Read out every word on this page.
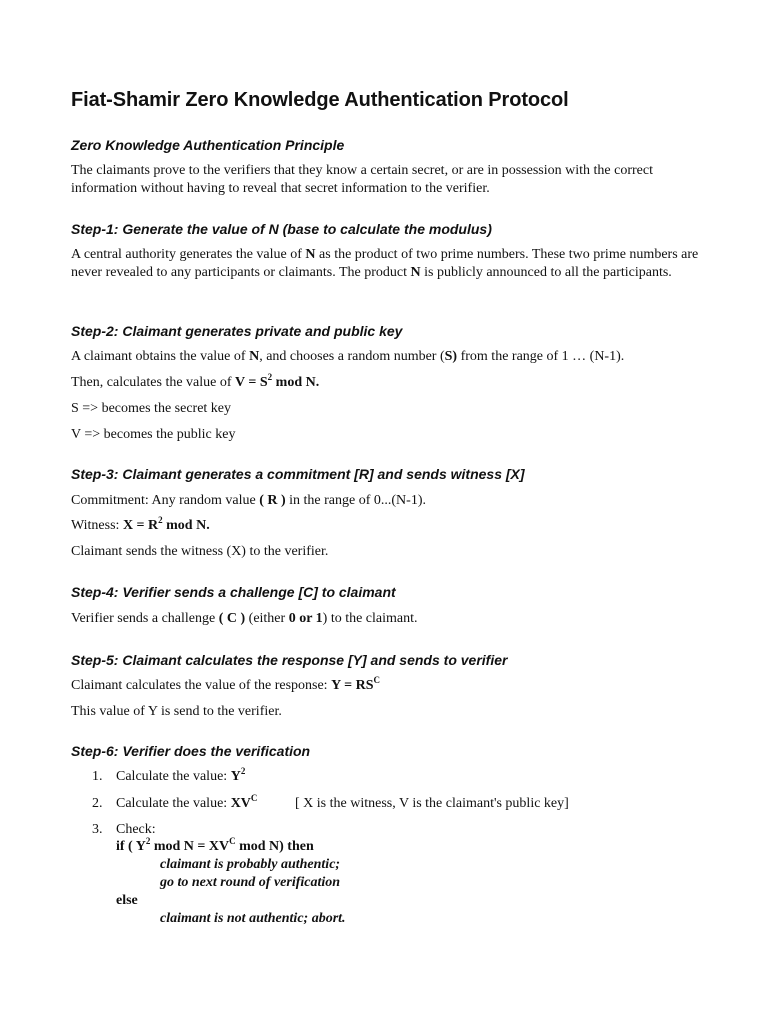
Fiat-Shamir Zero Knowledge Authentication Protocol
Zero Knowledge Authentication Principle

The claimants prove to the verifiers that they know a certain secret, or are in possession with the correct information without having to reveal that secret information to the verifier.

Step-1: Generate the value of N (base to calculate the modulus)

A central authority generates the value of N as the product of two prime numbers. These two prime numbers are never revealed to any participants or claimants. The product N is publicly announced to all the participants.

Step-2: Claimant generates private and public key

A claimant obtains the value of N, and chooses a random number (S) from the range of 1 … (N-1).

Then, calculates the value of $V = S^2$ mod N.

S => becomes the secret key

V => becomes the public key

Step-3: Claimant generates a commitment [R] and sends witness [X]

Commitment: Any random value ( R ) in the range of 0...(N-1).

Witness: $X = R^2$ mod N.

Claimant sends the witness (X) to the verifier.

Step-4: Verifier sends a challenge [C] to claimant

Verifier sends a challenge ( C ) (either 0 or 1) to the claimant.

Step-5: Claimant calculates the response [Y] and sends to verifier

Claimant calculates the value of the response: $Y = RS^C$

This value of Y is send to the verifier.

Step-6: Verifier does the verification
1. Calculate the value: $Y^2$
2. Calculate the value: $XV^C$	[ X is the witness, V is the claimant's public key]
3. Check:
if ( $Y^2$ mod $N = XV^C$ mod N) then
claimant is probably authentic;
go to next round of verification
else
claimant is not authentic; abort.
